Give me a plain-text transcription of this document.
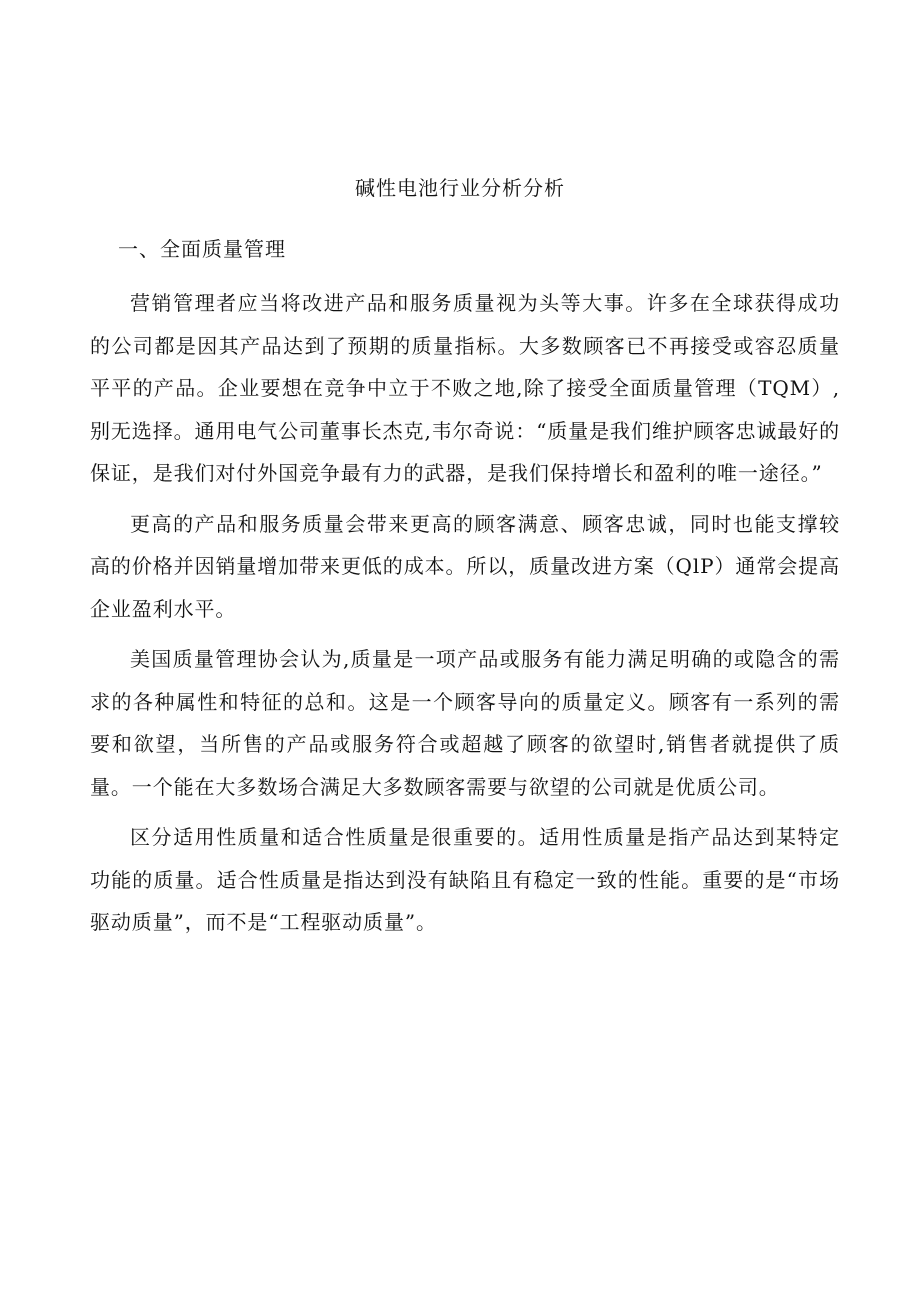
碱性电池行业分析分析
一、全面质量管理

营销管理者应当将改进产品和服务质量视为头等大事。许多在全球获得成功的公司都是因其产品达到了预期的质量指标。大多数顾客已不再接受或容忍质量平平的产品。企业要想在竞争中立于不败之地,除了接受全面质量管理（TQM）,别无选择。通用电气公司董事长杰克,韦尔奇说：“质量是我们维护顾客忠诚最好的保证，是我们对付外国竞争最有力的武器，是我们保持增长和盈利的唯一途径。”

更高的产品和服务质量会带来更高的顾客满意、顾客忠诚，同时也能支撑较高的价格并因销量增加带来更低的成本。所以，质量改进方案（QlP）通常会提高企业盈利水平。

美国质量管理协会认为,质量是一项产品或服务有能力满足明确的或隐含的需求的各种属性和特征的总和。这是一个顾客导向的质量定义。顾客有一系列的需要和欲望，当所售的产品或服务符合或超越了顾客的欲望时,销售者就提供了质量。一个能在大多数场合满足大多数顾客需要与欲望的公司就是优质公司。

区分适用性质量和适合性质量是很重要的。适用性质量是指产品达到某特定功能的质量。适合性质量是指达到没有缺陷且有稳定一致的性能。重要的是“市场驱动质量”，而不是“工程驱动质量”。
